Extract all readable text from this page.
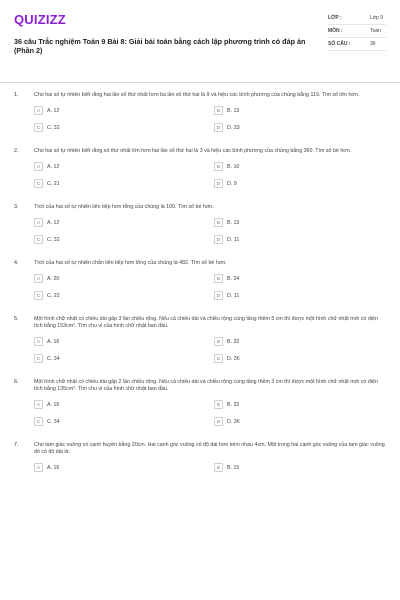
QUIZIZZ
36 câu Trắc nghiệm Toán 9 Bài 8: Giải bài toán bằng cách lập phương trình có đáp án (Phần 2)
LỚP :	Lớp 9
MÔN :	Toán
SỐ CÂU :	36
1.	Cho hai số tự nhiên biết rằng hai lần số thứ nhất hơn ba lần số thứ hai là 9 và hiệu các bình phương của chúng bằng 119. Tìm số lớn hơn.
A	A. 12	B	B. 13
C	C. 32	D	D. 33
2.	Cho hai số tự nhiên biết rằng số thứ nhất lớn hơn hai lần số thứ hai là 3 và hiệu các bình phương của chúng bằng 360. Tìm số bé hơn.
A	A. 12	B	B. 10
C	C. 21	D	D. 9
3.	Tích của hai số tự nhiên liên tiếp hơn tổng của chúng là 109. Tìm số bé hơn.
A	A. 12	B	B. 13
C	C. 32	D	D. 11
4.	Tích của hai số tự nhiên chẵn liên tiếp hơn tổng của chúng là 482. Tìm số bé hơn.
A	A. 20	B	B. 24
C	C. 22	D	D. 11
5.	Một hình chữ nhật có chiều dài gấp 3 lần chiều rộng. Nếu cả chiều dài và chiều rộng cùng tăng thêm 5 cm thì được một hình chữ nhật mới có diện tích bằng 153cm². Tìm chu vi của hình chữ nhật ban đầu.
A	A. 16	B	B. 32
C	C. 34	D	D. 36
6.	Một hình chữ nhật có chiều dài gấp 2 lần chiều rộng. Nếu cả chiều dài và chiều rộng cùng tăng thêm 3 cm thì được một hình chữ nhật mới có diện tích bằng 135cm². Tìm chu vi của hình chữ nhật ban đầu.
A	A. 16	B	B. 32
C	C. 34	D	D. 36
7.	Cho tam giác vuông có cạnh huyền bằng 20cm. Hai cạnh góc vuông có độ dài hơn kém nhau 4cm. Một trong hai cạnh góc vuông của tam giác vuông đó có độ dài là:
A	A. 16	B	B. 15
